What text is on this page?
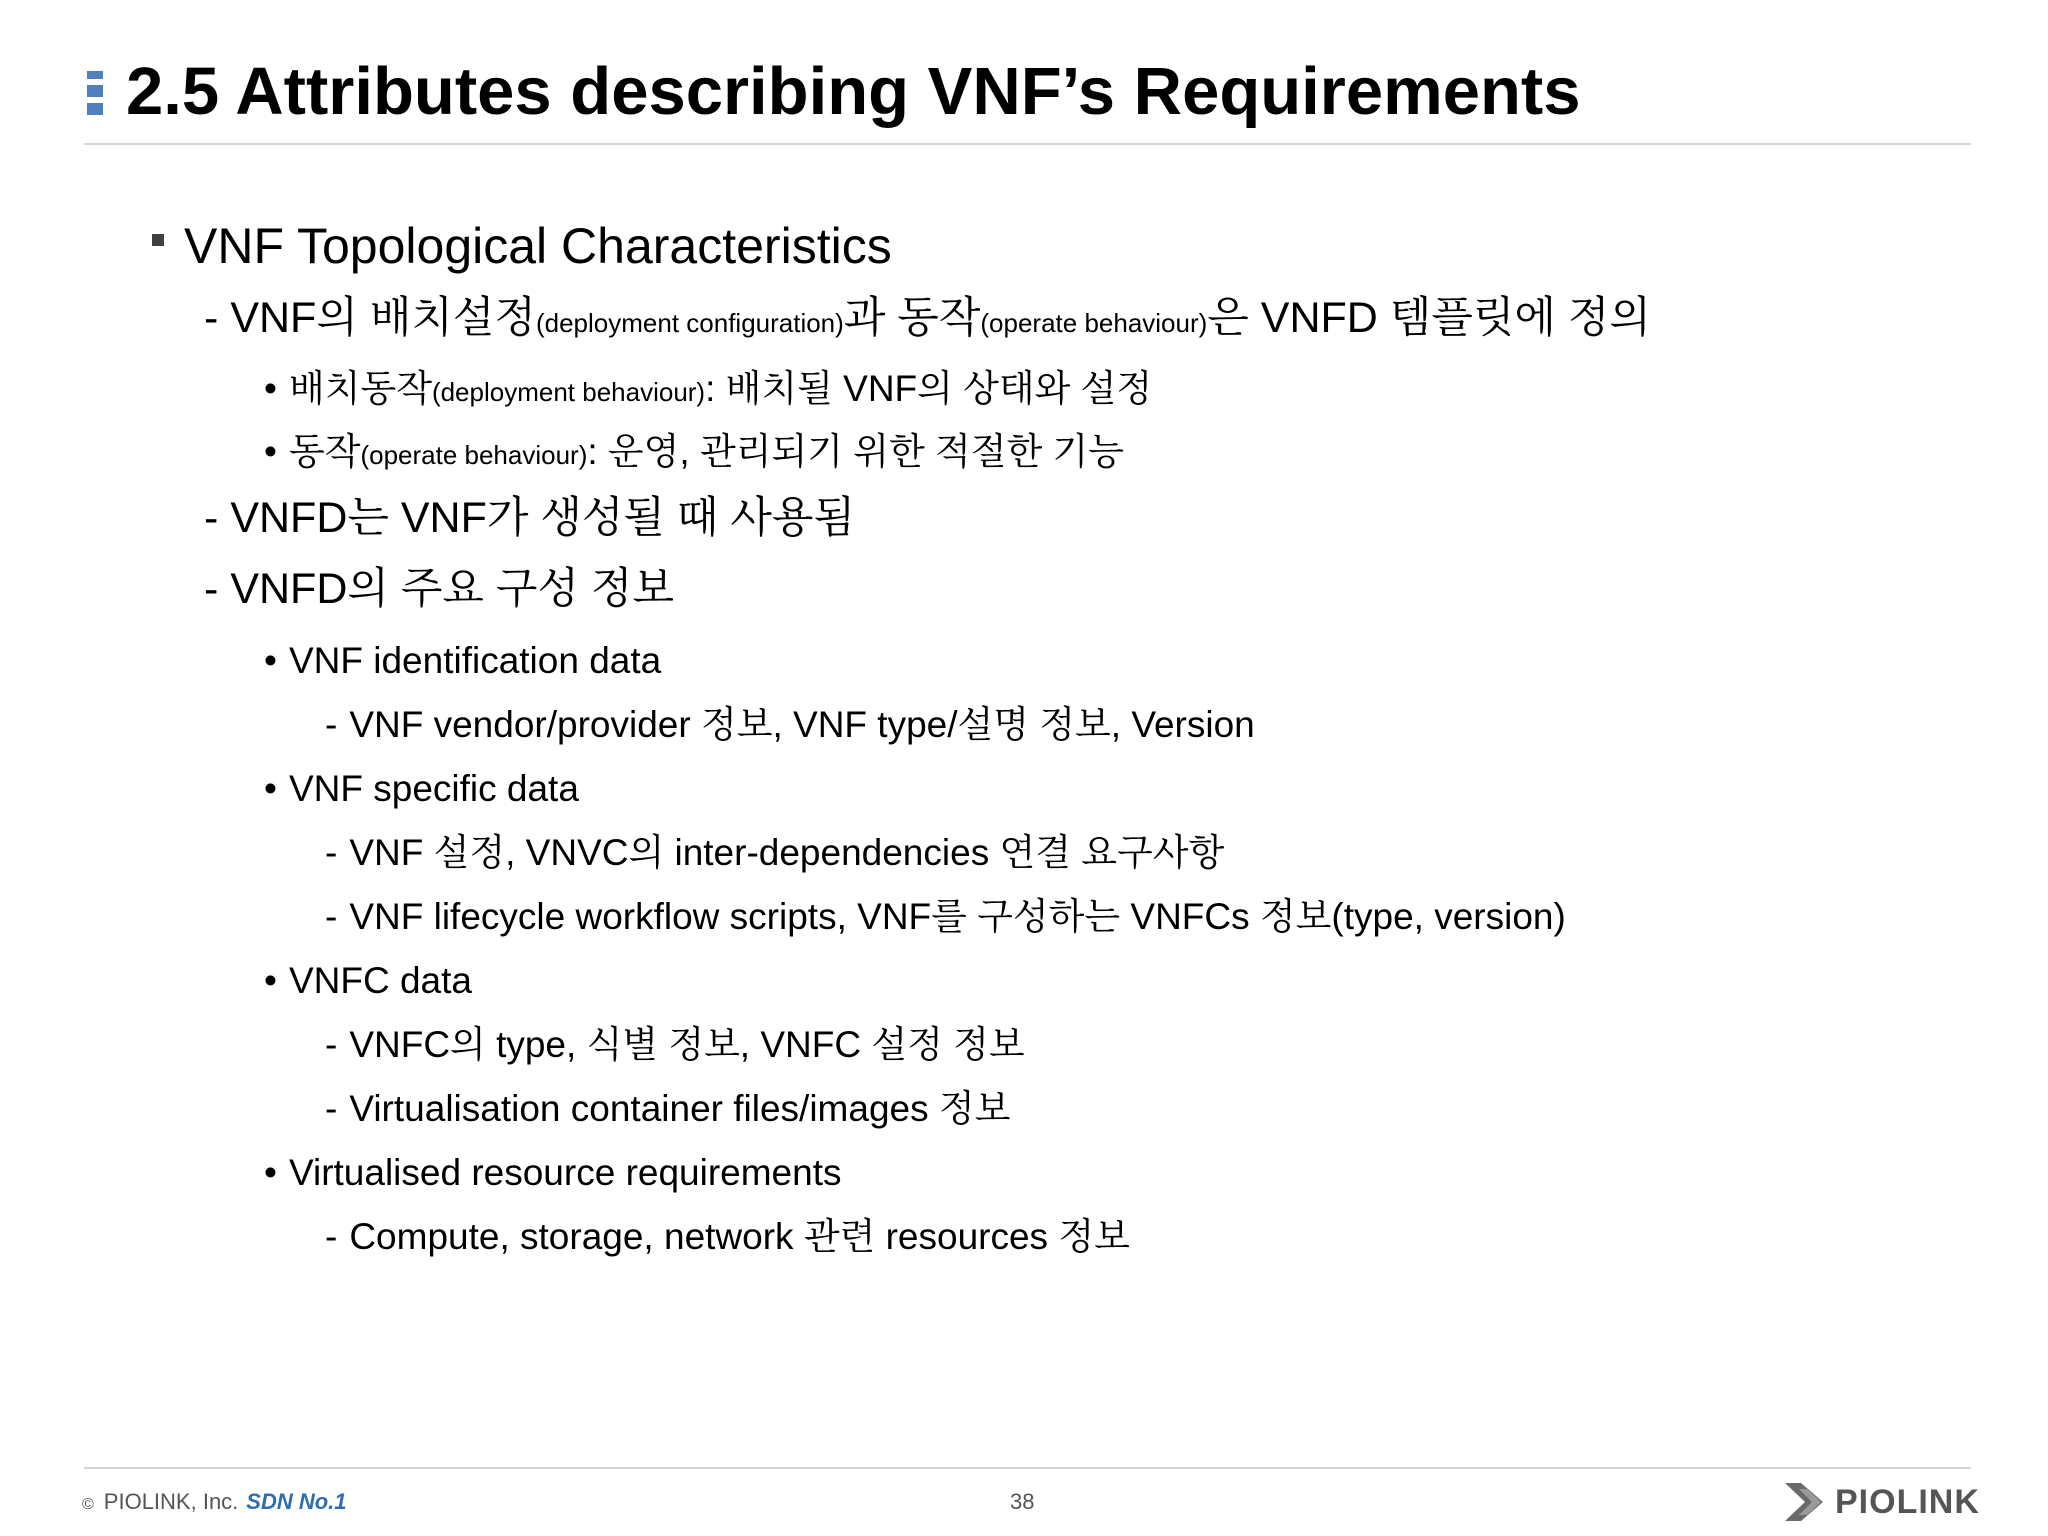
2.5 Attributes describing VNF’s Requirements
VNF Topological Characteristics
- VNF의 배치설정(deployment configuration)과 동작(operate behaviour)은 VNFD 템플릿에 정의
• 배치동작(deployment behaviour): 배치될 VNF의 상태와 설정
• 동작(operate behaviour): 운영, 관리되기 위한 적절한 기능
- VNFD는 VNF가 생성될 때 사용됨
- VNFD의 주요 구성 정보
• VNF identification data
- VNF vendor/provider 정보, VNF type/설명 정보, Version
• VNF specific data
- VNF 설정, VNVC의 inter-dependencies 연결 요구사항
- VNF lifecycle workflow scripts, VNF를 구성하는 VNFCs 정보(type, version)
• VNFC data
- VNFC의 type, 식별 정보, VNFC 설정 정보
- Virtualisation container files/images 정보
• Virtualised resource requirements
- Compute, storage, network 관련 resources 정보
© PIOLINK, Inc. SDN No.1	38	PIOLINK
